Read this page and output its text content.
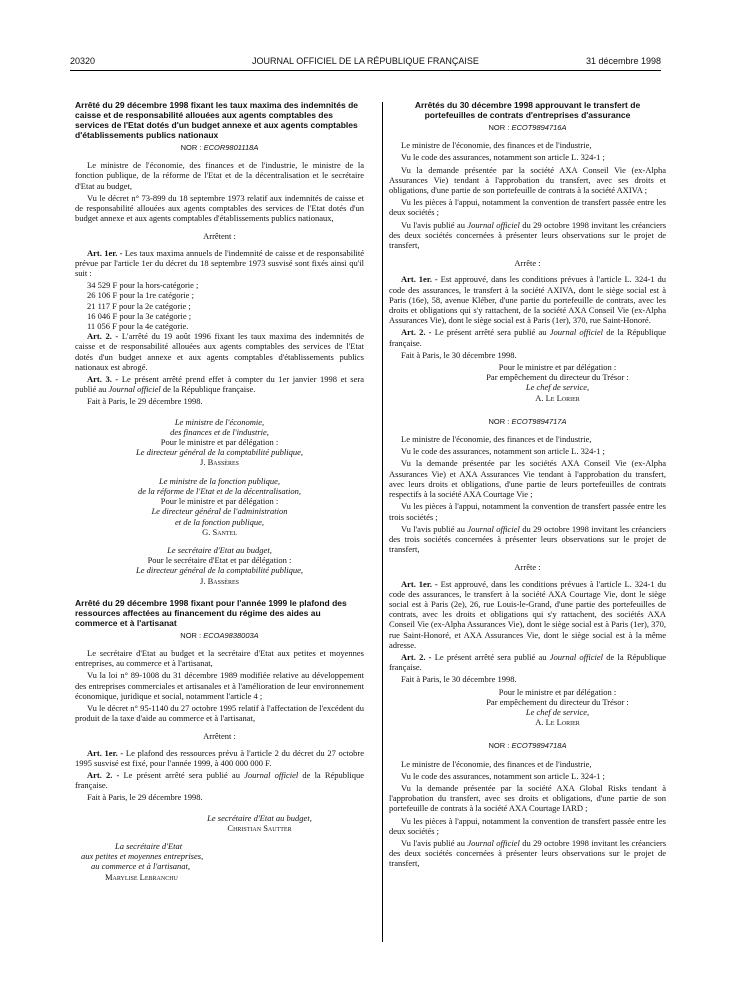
20320	JOURNAL OFFICIEL DE LA RÉPUBLIQUE FRANÇAISE	31 décembre 1998
Arrêté du 29 décembre 1998 fixant les taux maxima des indemnités de caisse et de responsabilité allouées aux agents comptables des services de l'Etat dotés d'un budget annexe et aux agents comptables d'établissements publics nationaux
NOR : ECOR9801118A

Le ministre de l'économie, des finances et de l'industrie, le ministre de la fonction publique, de la réforme de l'Etat et de la décentralisation et le secrétaire d'Etat au budget,

Vu le décret n° 73-899 du 18 septembre 1973 relatif aux indemnités de caisse et de responsabilité allouées aux agents comptables des services de l'Etat dotés d'un budget annexe et aux agents comptables d'établissements publics nationaux,

Arrêtent :

Art. 1er. - Les taux maxima annuels de l'indemnité de caisse et de responsabilité prévue par l'article 1er du décret du 18 septembre 1973 susvisé sont fixés ainsi qu'il suit :

34 529 F pour la hors-catégorie ;

26 106 F pour la 1re catégorie ;

21 117 F pour la 2e catégorie ;

16 046 F pour la 3e catégorie ;

11 056 F pour la 4e catégorie.

Art. 2. - L'arrêté du 19 août 1996 fixant les taux maxima des indemnités de caisse et de responsabilité allouées aux agents comptables des services de l'Etat dotés d'un budget annexe et aux agents comptables d'établissements publics nationaux est abrogé.

Art. 3. - Le présent arrêté prend effet à compter du 1er janvier 1998 et sera publié au Journal officiel de la République française.

Fait à Paris, le 29 décembre 1998.

Le ministre de l'économie,

des finances et de l'industrie,

Pour le ministre et par délégation :

Le directeur général de la comptabilité publique,

J. Bassères

Le ministre de la fonction publique,

de la réforme de l'Etat et de la décentralisation,

Pour le ministre et par délégation :

Le directeur général de l'administration

et de la fonction publique,

G. Santel

Le secrétaire d'Etat au budget,

Pour le secrétaire d'Etat et par délégation :

Le directeur général de la comptabilité publique,

J. Bassères

Arrêté du 29 décembre 1998 fixant pour l'année 1999 le plafond des ressources affectées au financement du régime des aides au commerce et à l'artisanat
NOR : ECOA9838003A

Le secrétaire d'Etat au budget et la secrétaire d'Etat aux petites et moyennes entreprises, au commerce et à l'artisanat,

Vu la loi n° 89-1008 du 31 décembre 1989 modifiée relative au développement des entreprises commerciales et artisanales et à l'amélioration de leur environnement économique, juridique et social, notamment l'article 4 ;

Vu le décret n° 95-1140 du 27 octobre 1995 relatif à l'affectation de l'excédent du produit de la taxe d'aide au commerce et à l'artisanat,

Arrêtent :

Art. 1er. - Le plafond des ressources prévu à l'article 2 du décret du 27 octobre 1995 susvisé est fixé, pour l'année 1999, à 400 000 000 F.

Art. 2. - Le présent arrêté sera publié au Journal officiel de la République française.

Fait à Paris, le 29 décembre 1998.

Le secrétaire d'Etat au budget,

Christian Sautter

La secrétaire d'Etat

aux petites et moyennes entreprises,

au commerce et à l'artisanat,

Marylise Lebranchu

Arrêtés du 30 décembre 1998 approuvant le transfert de portefeuilles de contrats d'entreprises d'assurance
NOR : ECOT9894716A

Le ministre de l'économie, des finances et de l'industrie,

Vu le code des assurances, notamment son article L. 324-1 ;

Vu la demande présentée par la société AXA Conseil Vie (ex-Alpha Assurances Vie) tendant à l'approbation du transfert, avec ses droits et obligations, d'une partie de son portefeuille de contrats à la société AXIVA ;

Vu les pièces à l'appui, notamment la convention de transfert passée entre les deux sociétés ;

Vu l'avis publié au Journal officiel du 29 octobre 1998 invitant les créanciers des deux sociétés concernées à présenter leurs observations sur le projet de transfert,

Arrête :

Art. 1er. - Est approuvé, dans les conditions prévues à l'article L. 324-1 du code des assurances, le transfert à la société AXIVA, dont le siège social est à Paris (16e), 58, avenue Kléber, d'une partie du portefeuille de contrats, avec les droits et obligations qui s'y rattachent, de la société AXA Conseil Vie (ex-Alpha Assurances Vie), dont le siège social est à Paris (1er), 370, rue Saint-Honoré.

Art. 2. - Le présent arrêté sera publié au Journal officiel de la République française.

Fait à Paris, le 30 décembre 1998.

Pour le ministre et par délégation :

Par empêchement du directeur du Trésor :

Le chef de service,

A. Le Lorier

NOR : ECOT9894717A

Le ministre de l'économie, des finances et de l'industrie,

Vu le code des assurances, notamment son article L. 324-1 ;

Vu la demande présentée par les sociétés AXA Conseil Vie (ex-Alpha Assurances Vie) et AXA Assurances Vie tendant à l'approbation du transfert, avec leurs droits et obligations, d'une partie de leurs portefeuilles de contrats respectifs à la société AXA Courtage Vie ;

Vu les pièces à l'appui, notamment la convention de transfert passée entre les trois sociétés ;

Vu l'avis publié au Journal officiel du 29 octobre 1998 invitant les créanciers des trois sociétés concernées à présenter leurs observations sur le projet de transfert,

Arrête :

Art. 1er. - Est approuvé, dans les conditions prévues à l'article L. 324-1 du code des assurances, le transfert à la société AXA Courtage Vie, dont le siège social est à Paris (2e), 26, rue Louis-le-Grand, d'une partie des portefeuilles de contrats, avec les droits et obligations qui s'y rattachent, des sociétés AXA Conseil Vie (ex-Alpha Assurances Vie), dont le siège social est à Paris (1er), 370, rue Saint-Honoré, et AXA Assurances Vie, dont le siège social est à la même adresse.

Art. 2. - Le présent arrêté sera publié au Journal officiel de la République française.

Fait à Paris, le 30 décembre 1998.

Pour le ministre et par délégation :

Par empêchement du directeur du Trésor :

Le chef de service,

A. Le Lorier

NOR : ECOT9894718A

Le ministre de l'économie, des finances et de l'industrie,

Vu le code des assurances, notamment son article L. 324-1 ;

Vu la demande présentée par la société AXA Global Risks tendant à l'approbation du transfert, avec ses droits et obligations, d'une partie de son portefeuille de contrats à la société AXA Courtage IARD ;

Vu les pièces à l'appui, notamment la convention de transfert passée entre les deux sociétés ;

Vu l'avis publié au Journal officiel du 29 octobre 1998 invitant les créanciers des deux sociétés concernées à présenter leurs observations sur le projet de transfert,
